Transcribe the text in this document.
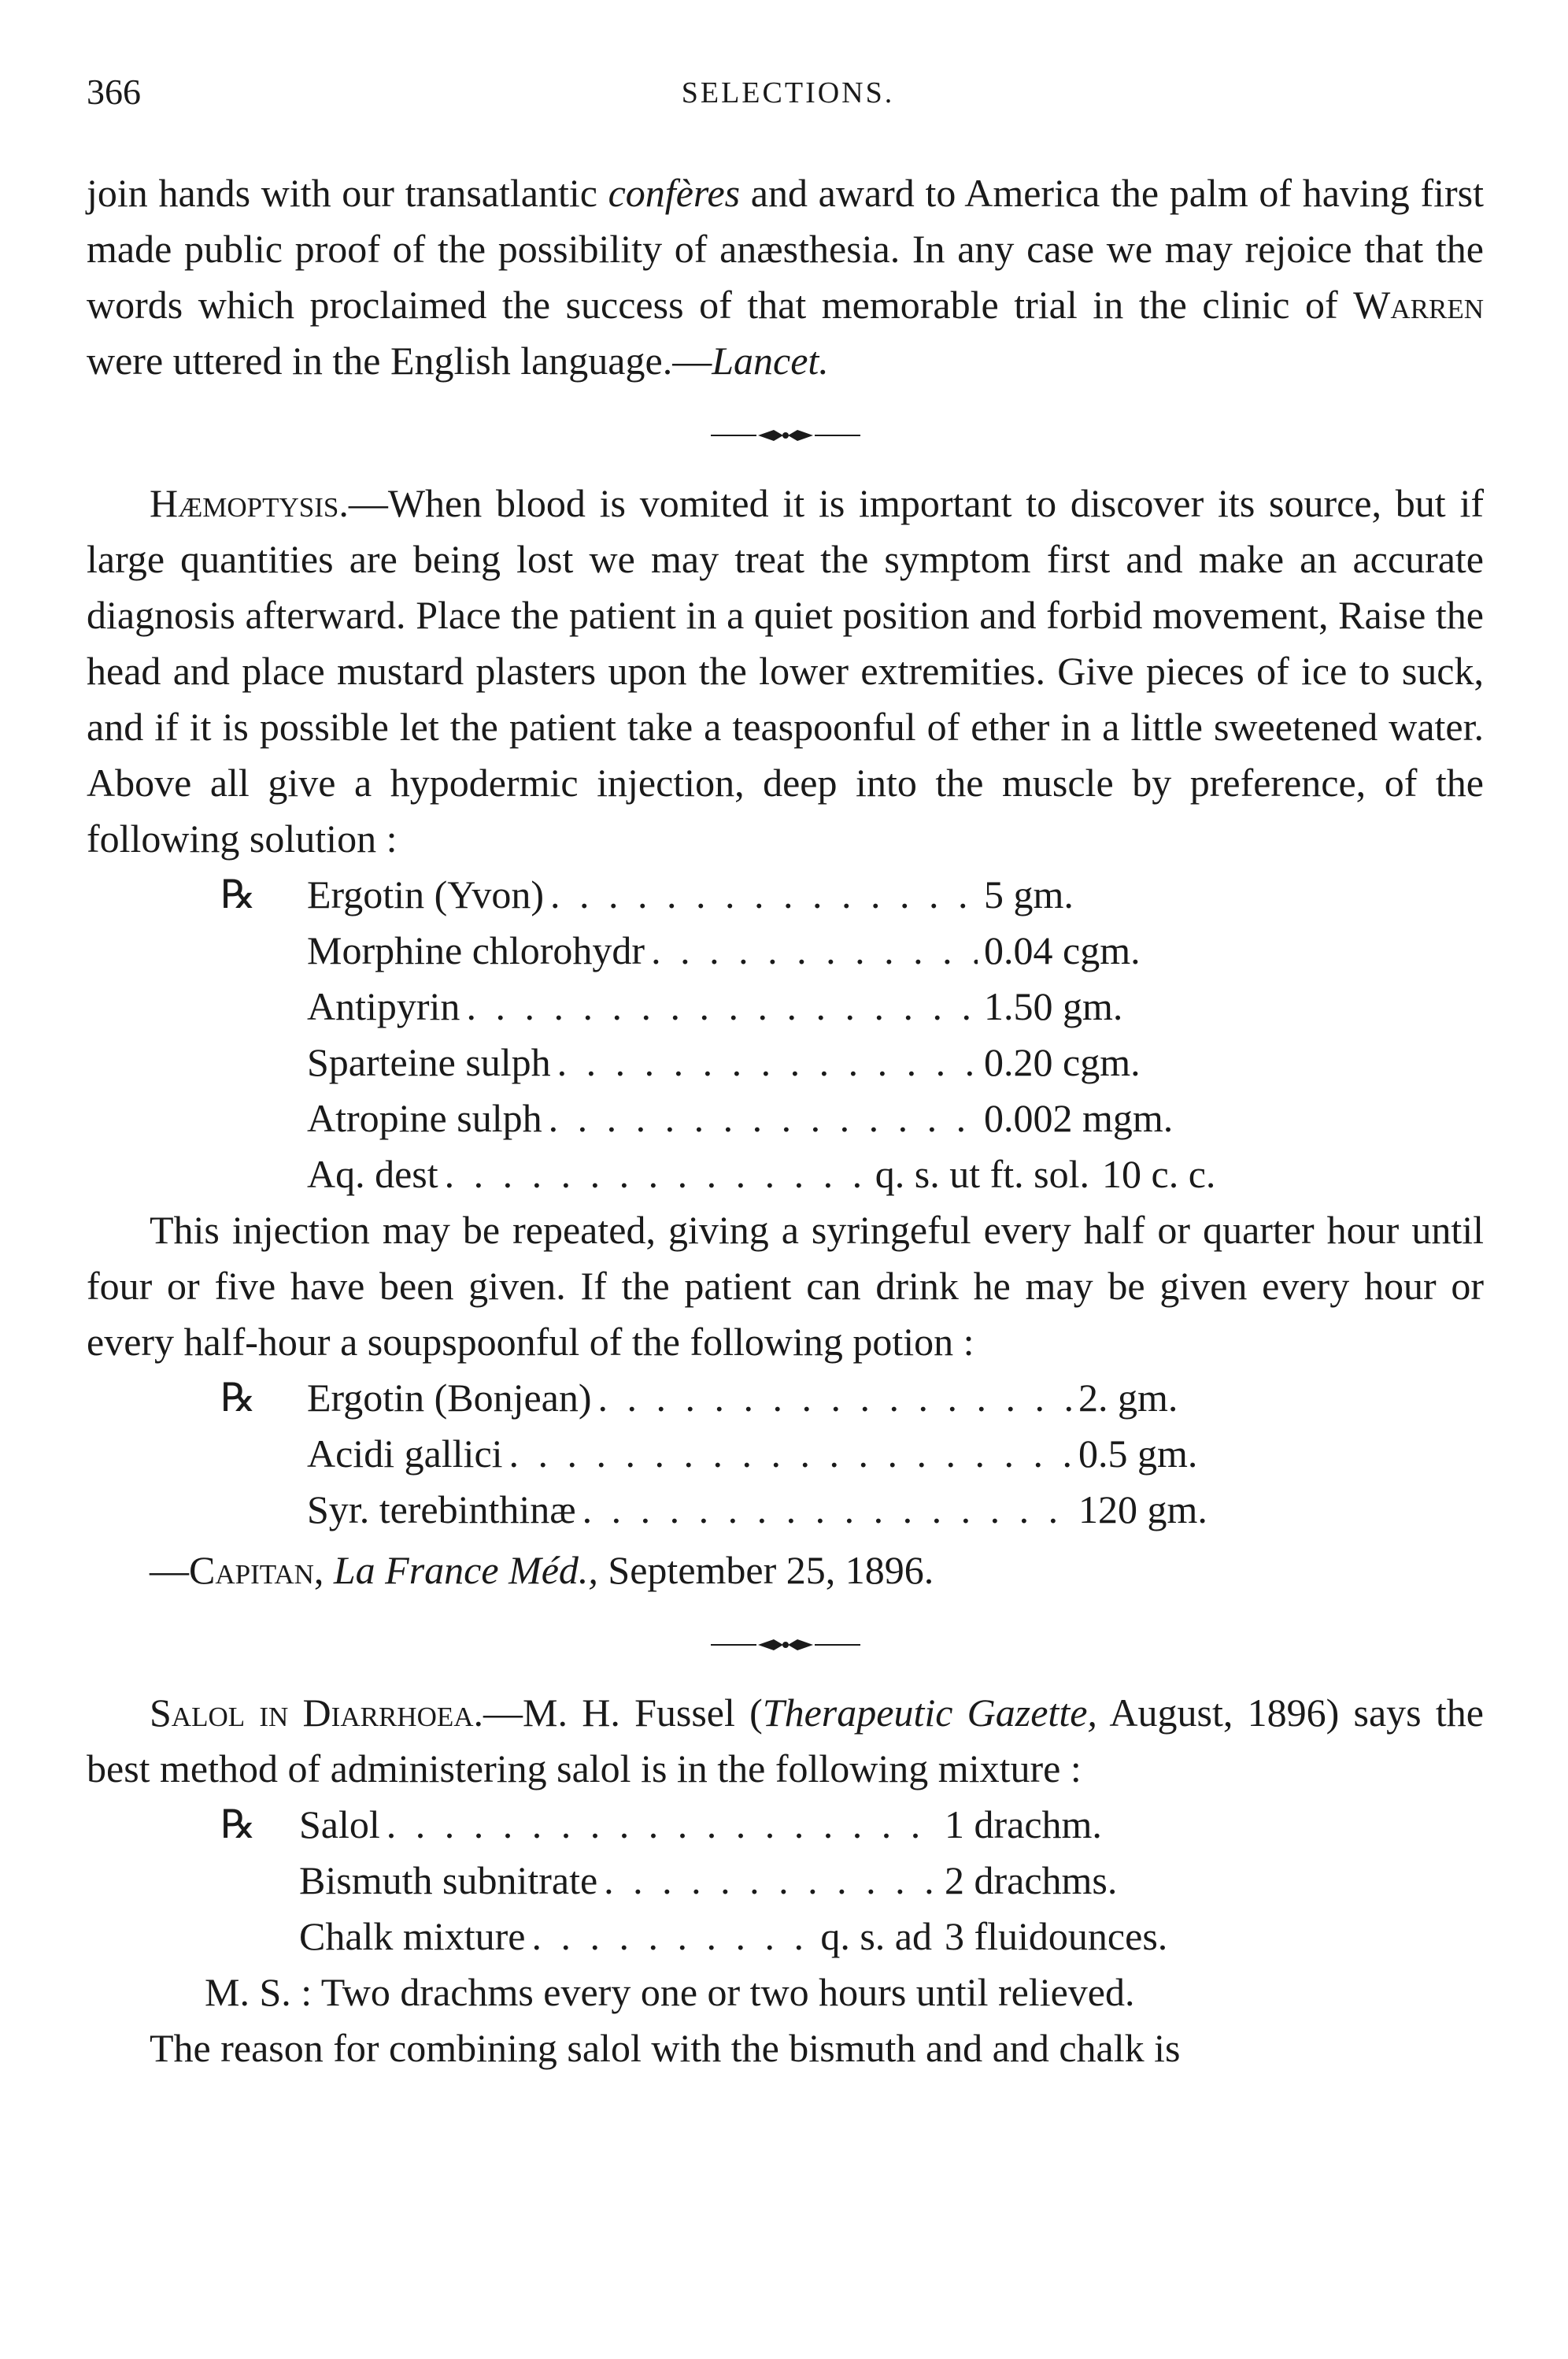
366	SELECTIONS.

join hands with our transatlantic confères and award to America the palm of having first made public proof of the possibility of anæsthesia. In any case we may rejoice that the words which proclaimed the success of that memorable trial in the clinic of Warren were uttered in the English language.—Lancet.

Hæmoptysis.—When blood is vomited it is important to discover its source, but if large quantities are being lost we may treat the symptom first and make an accurate diagnosis afterward. Place the patient in a quiet position and forbid movement, Raise the head and place mustard plasters upon the lower extremities. Give pieces of ice to suck, and if it is possible let the patient take a teaspoonful of ether in a little sweetened water. Above all give a hypodermic injection, deep into the muscle by preference, of the following solution :

℞	Ergotin (Yvon) . . .	5 gm.
Morphine chlorohydr . . .	0.04 cgm.
Antipyrin . . .	1.50 gm.
Sparteine sulph . . .	0.20 cgm.
Atropine sulph . . .	0.002 mgm.
Aq. dest . . .	q. s. ut ft. sol. 10 c. c.

This injection may be repeated, giving a syringeful every half or quarter hour until four or five have been given. If the patient can drink he may be given every hour or every half-hour a soupspoonful of the following potion :

℞	Ergotin (Bonjean) . . .	2. gm.
Acidi gallici . . .	0.5 gm.
Syr. terebinthinæ . . .	120 gm.
—Capitan, La France Méd., September 25, 1896.

Salol in Diarrhoea.—M. H. Fussel (Therapeutic Gazette, August, 1896) says the best method of administering salol is in the following mixture :

℞	Salol . . .	1 drachm.
Bismuth subnitrate . . .	2 drachms.
Chalk mixture . . .	q. s. ad 3 fluidounces.
M. S. : Two drachms every one or two hours until relieved.

The reason for combining salol with the bismuth and and chalk is
